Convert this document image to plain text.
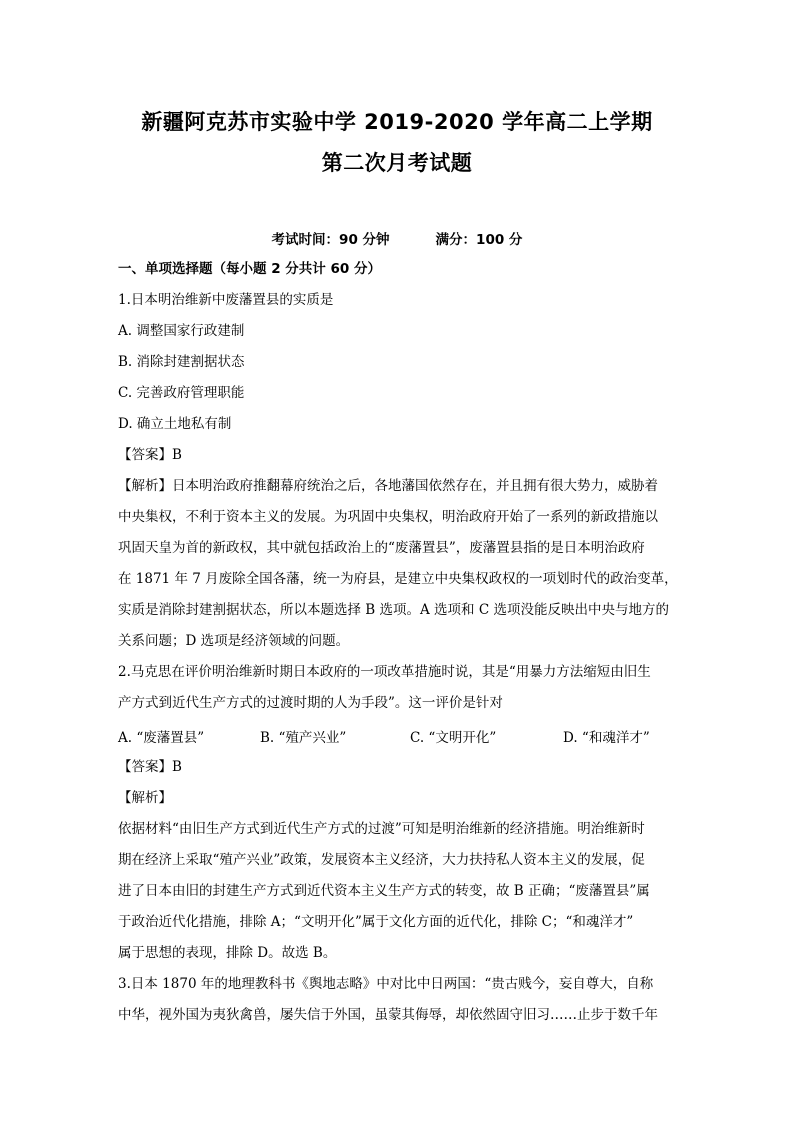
新疆阿克苏市实验中学 2019-2020 学年高二上学期
第二次月考试题
考试时间：90 分钟	满分：100 分
一、单项选择题（每小题 2 分共计 60 分）
1.日本明治维新中废藩置县的实质是
A. 调整国家行政建制
B. 消除封建割据状态
C. 完善政府管理职能
D. 确立土地私有制
【答案】B
【解析】日本明治政府推翻幕府统治之后，各地藩国依然存在，并且拥有很大势力，威胁着
中央集权，不利于资本主义的发展。为巩固中央集权，明治政府开始了一系列的新政措施以
巩固天皇为首的新政权，其中就包括政治上的“废藩置县”，废藩置县指的是日本明治政府
在 1871 年 7 月废除全国各藩，统一为府县，是建立中央集权政权的一项划时代的政治变革，
实质是消除封建割据状态，所以本题选择 B 选项。A 选项和 C 选项没能反映出中央与地方的
关系问题；D 选项是经济领域的问题。
2.马克思在评价明治维新时期日本政府的一项改革措施时说，其是“用暴力方法缩短由旧生
产方式到近代生产方式的过渡时期的人为手段”。这一评价是针对
A. “废藩置县”	B. “殖产兴业”	C. “文明开化”	D. “和魂洋才”
【答案】B
【解析】
依据材料“由旧生产方式到近代生产方式的过渡”可知是明治维新的经济措施。明治维新时
期在经济上采取“殖产兴业”政策，发展资本主义经济，大力扶持私人资本主义的发展，促
进了日本由旧的封建生产方式到近代资本主义生产方式的转变，故 B 正确；“废藩置县”属
于政治近代化措施，排除 A；“文明开化”属于文化方面的近代化，排除 C；“和魂洋才”
属于思想的表现，排除 D。故选 B。
3.日本 1870 年的地理教科书《舆地志略》中对比中日两国：“贵古贱今，妄自尊大，自称
中华，视外国为夷狄禽兽，屡失信于外国，虽蒙其侮辱，却依然固守旧习……止步于数千年
